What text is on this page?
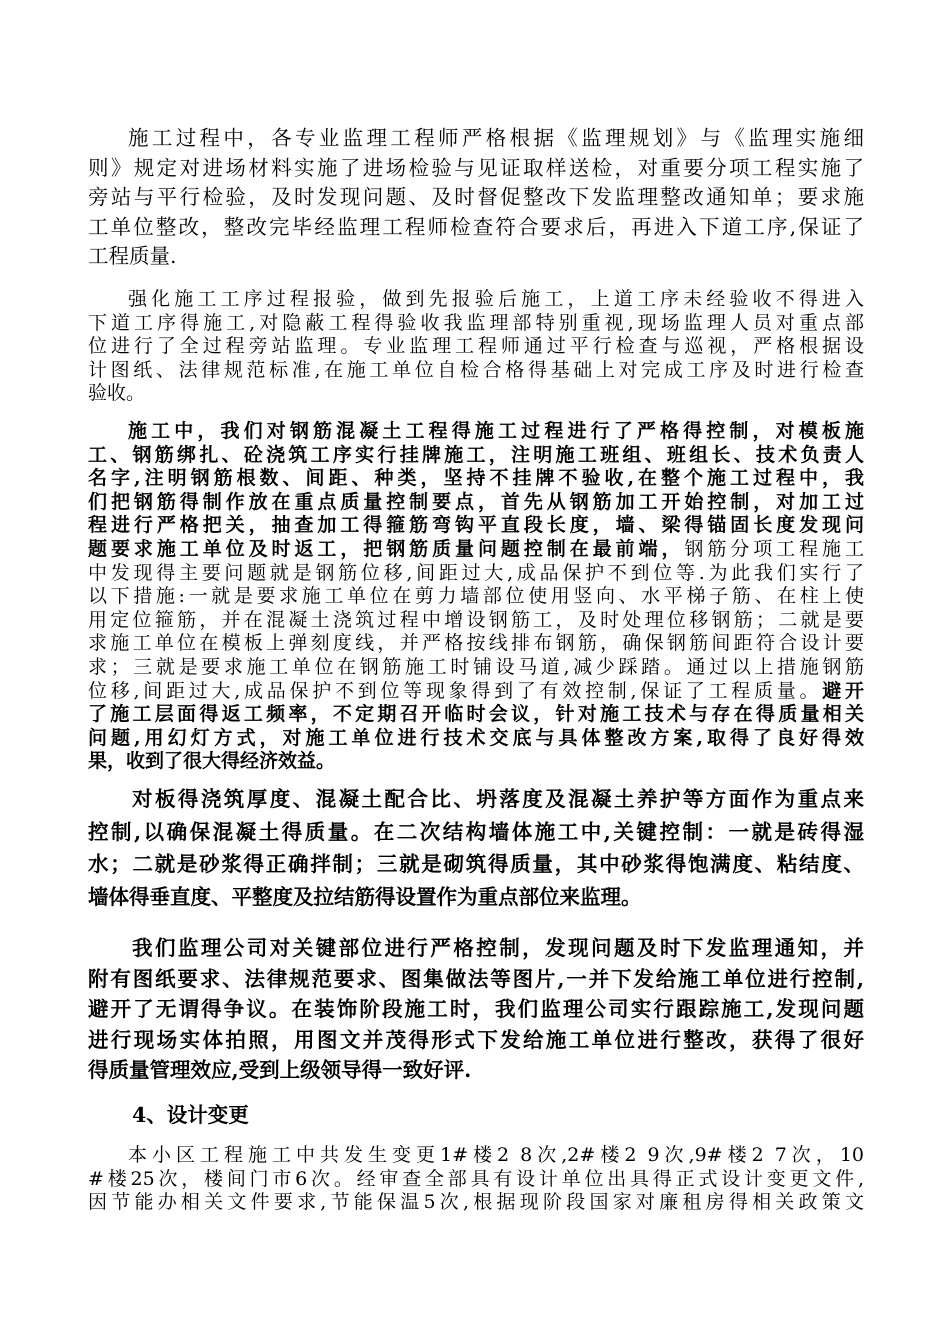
施工过程中，各专业监理工程师严格根据《监理规划》与《监理实施细
则》规定对进场材料实施了进场检验与见证取样送检，对重要分项工程实施了
旁站与平行检验，及时发现问题、及时督促整改下发监理整改通知单；要求施
工单位整改，整改完毕经监理工程师检查符合要求后，再进入下道工序,保证了
工程质量.

强化施工工序过程报验，做到先报验后施工，上道工序未经验收不得进入
下道工序得施工,对隐蔽工程得验收我监理部特别重视,现场监理人员对重点部
位进行了全过程旁站监理。专业监理工程师通过平行检查与巡视，严格根据设
计图纸、法律规范标准,在施工单位自检合格得基础上对完成工序及时进行检查
验收。

施工中，我们对钢筋混凝土工程得施工过程进行了严格得控制，对模板施
工、钢筋绑扎、砼浇筑工序实行挂牌施工，注明施工班组、班组长、技术负责人
名字,注明钢筋根数、间距、种类，坚持不挂牌不验收,在整个施工过程中，我
们把钢筋得制作放在重点质量控制要点，首先从钢筋加工开始控制，对加工过
程进行严格把关，抽查加工得箍筋弯钩平直段长度，墙、梁得锚固长度发现问
题要求施工单位及时返工，把钢筋质量问题控制在最前端，钢筋分项工程施工
中发现得主要问题就是钢筋位移,间距过大,成品保护不到位等.为此我们实行了
以下措施:一就是要求施工单位在剪力墙部位使用竖向、水平梯子筋、在柱上使
用定位箍筋，并在混凝土浇筑过程中增设钢筋工，及时处理位移钢筋；二就是要
求施工单位在模板上弹刻度线，并严格按线排布钢筋，确保钢筋间距符合设计要
求；三就是要求施工单位在钢筋施工时铺设马道,减少踩踏。通过以上措施钢筋
位移,间距过大,成品保护不到位等现象得到了有效控制,保证了工程质量。避开
了施工层面得返工频率，不定期召开临时会议，针对施工技术与存在得质量相关
问题,用幻灯方式，对施工单位进行技术交底与具体整改方案,取得了良好得效
果，收到了很大得经济效益。

对板得浇筑厚度、混凝土配合比、坍落度及混凝土养护等方面作为重点来
控制,以确保混凝土得质量。在二次结构墙体施工中,关键控制：一就是砖得湿
水；二就是砂浆得正确拌制；三就是砌筑得质量，其中砂浆得饱满度、粘结度、
墙体得垂直度、平整度及拉结筋得设置作为重点部位来监理。

我们监理公司对关键部位进行严格控制，发现问题及时下发监理通知，并
附有图纸要求、法律规范要求、图集做法等图片,一并下发给施工单位进行控制,
避开了无谓得争议。在装饰阶段施工时，我们监理公司实行跟踪施工,发现问题
进行现场实体拍照，用图文并茂得形式下发给施工单位进行整改，获得了很好
得质量管理效应,受到上级领导得一致好评.

4、设计变更

本小区工程施工中共发生变更1#楼2 8次,2#楼2 9次,9#楼2 7次，10
#楼25次，楼间门市6次。经审查全部具有设计单位出具得正式设计变更文件,
因节能办相关文件要求,节能保温5次,根据现阶段国家对廉租房得相关政策文
